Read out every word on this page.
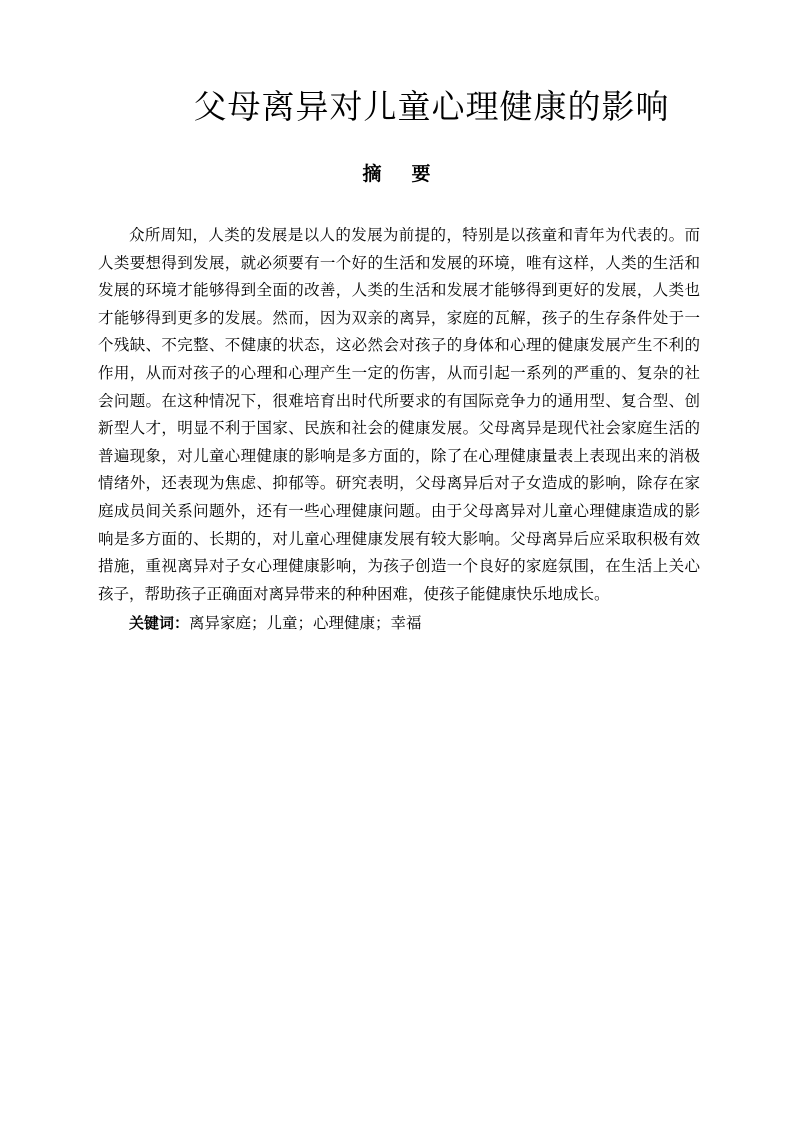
父母离异对儿童心理健康的影响
摘要

众所周知，人类的发展是以人的发展为前提的，特别是以孩童和青年为代表的。而人类要想得到发展，就必须要有一个好的生活和发展的环境，唯有这样，人类的生活和发展的环境才能够得到全面的改善，人类的生活和发展才能够得到更好的发展，人类也才能够得到更多的发展。然而，因为双亲的离异，家庭的瓦解，孩子的生存条件处于一个残缺、不完整、不健康的状态，这必然会对孩子的身体和心理的健康发展产生不利的作用，从而对孩子的心理和心理产生一定的伤害，从而引起一系列的严重的、复杂的社会问题。在这种情况下，很难培育出时代所要求的有国际竞争力的通用型、复合型、创新型人才，明显不利于国家、民族和社会的健康发展。父母离异是现代社会家庭生活的普遍现象，对儿童心理健康的影响是多方面的，除了在心理健康量表上表现出来的消极情绪外，还表现为焦虑、抑郁等。研究表明，父母离异后对子女造成的影响，除存在家庭成员间关系问题外，还有一些心理健康问题。由于父母离异对儿童心理健康造成的影响是多方面的、长期的，对儿童心理健康发展有较大影响。父母离异后应采取积极有效措施，重视离异对子女心理健康影响，为孩子创造一个良好的家庭氛围，在生活上关心孩子，帮助孩子正确面对离异带来的种种困难，使孩子能健康快乐地成长。

关键词：离异家庭；儿童；心理健康；幸福
